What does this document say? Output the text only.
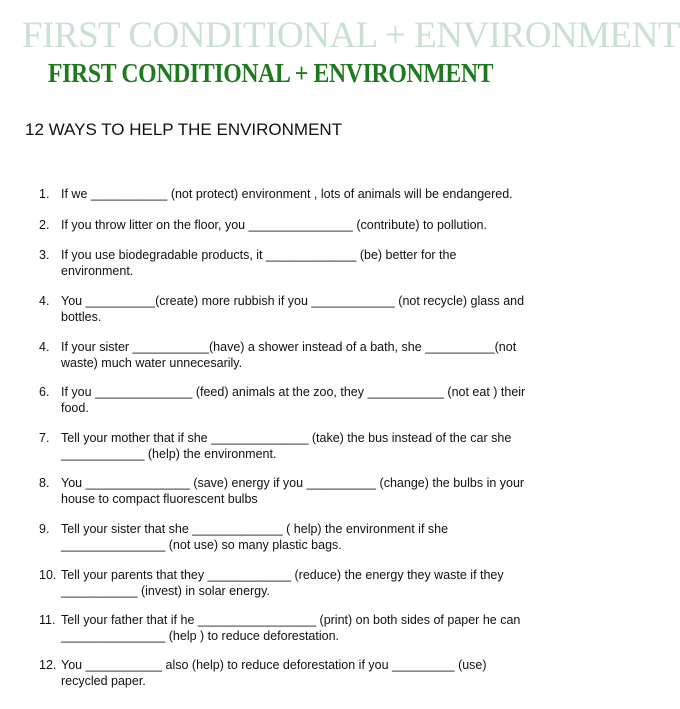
FIRST CONDITIONAL + ENVIRONMENT
FIRST CONDITIONAL + ENVIRONMENT
12 WAYS TO HELP THE ENVIRONMENT
1. If we ___________ (not protect) environment , lots of animals will be endangered.
2. If you throw litter on the floor, you _______________ (contribute) to pollution.
3. If you use biodegradable products, it _____________ (be) better for the
environment.
4. You __________(create) more rubbish if you ____________ (not recycle) glass and
bottles.
4. If your sister ___________(have) a shower instead of a bath, she __________(not
waste) much water unnecesarily.
6. If you ______________ (feed) animals at the zoo, they ___________ (not eat ) their
food.
7. Tell your mother that if she ______________ (take) the bus instead of the car she
____________ (help) the environment.
8. You _______________ (save) energy if you __________ (change) the bulbs in your
house to compact fluorescent bulbs
9. Tell your sister that she _____________ ( help) the environment if she
_______________ (not use) so many plastic bags.
10. Tell your parents that they ____________ (reduce) the energy they waste if they
___________ (invest) in solar energy.
11. Tell your father that if he _________________ (print) on both sides of paper he can
_______________ (help ) to reduce deforestation.
12. You ___________ also (help) to reduce deforestation if you _________ (use)
recycled paper.
